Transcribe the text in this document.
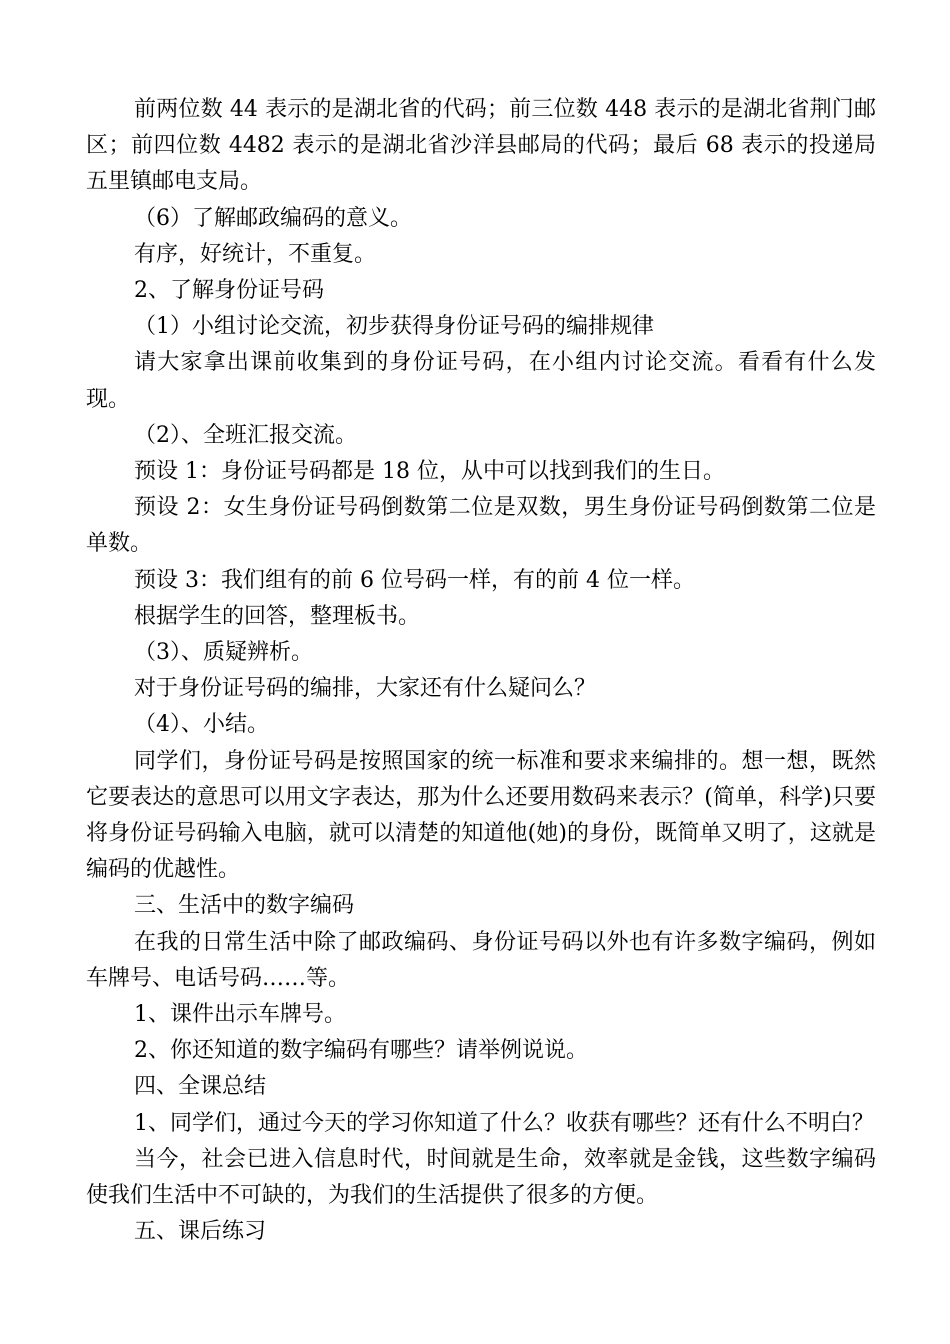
前两位数 44 表示的是湖北省的代码；前三位数 448 表示的是湖北省荆门邮区；前四位数 4482 表示的是湖北省沙洋县邮局的代码；最后 68 表示的投递局五里镇邮电支局。

（6）了解邮政编码的意义。

有序，好统计，不重复。

2、了解身份证号码

（1）小组讨论交流，初步获得身份证号码的编排规律

请大家拿出课前收集到的身份证号码，在小组内讨论交流。看看有什么发现。

（2）、全班汇报交流。

预设 1：身份证号码都是 18 位，从中可以找到我们的生日。

预设 2：女生身份证号码倒数第二位是双数，男生身份证号码倒数第二位是单数。

预设 3：我们组有的前 6 位号码一样，有的前 4 位一样。

根据学生的回答，整理板书。

（3）、质疑辨析。

对于身份证号码的编排，大家还有什么疑问么？

（4）、小结。

同学们，身份证号码是按照国家的统一标准和要求来编排的。想一想，既然它要表达的意思可以用文字表达，那为什么还要用数码来表示？(简单，科学)只要将身份证号码输入电脑，就可以清楚的知道他(她)的身份，既简单又明了，这就是编码的优越性。

三、生活中的数字编码

在我的日常生活中除了邮政编码、身份证号码以外也有许多数字编码，例如车牌号、电话号码……等。

1、课件出示车牌号。

2、你还知道的数字编码有哪些？请举例说说。

四、全课总结

1、同学们，通过今天的学习你知道了什么？收获有哪些？还有什么不明白？

当今，社会已进入信息时代，时间就是生命，效率就是金钱，这些数字编码使我们生活中不可缺的，为我们的生活提供了很多的方便。

五、课后练习
